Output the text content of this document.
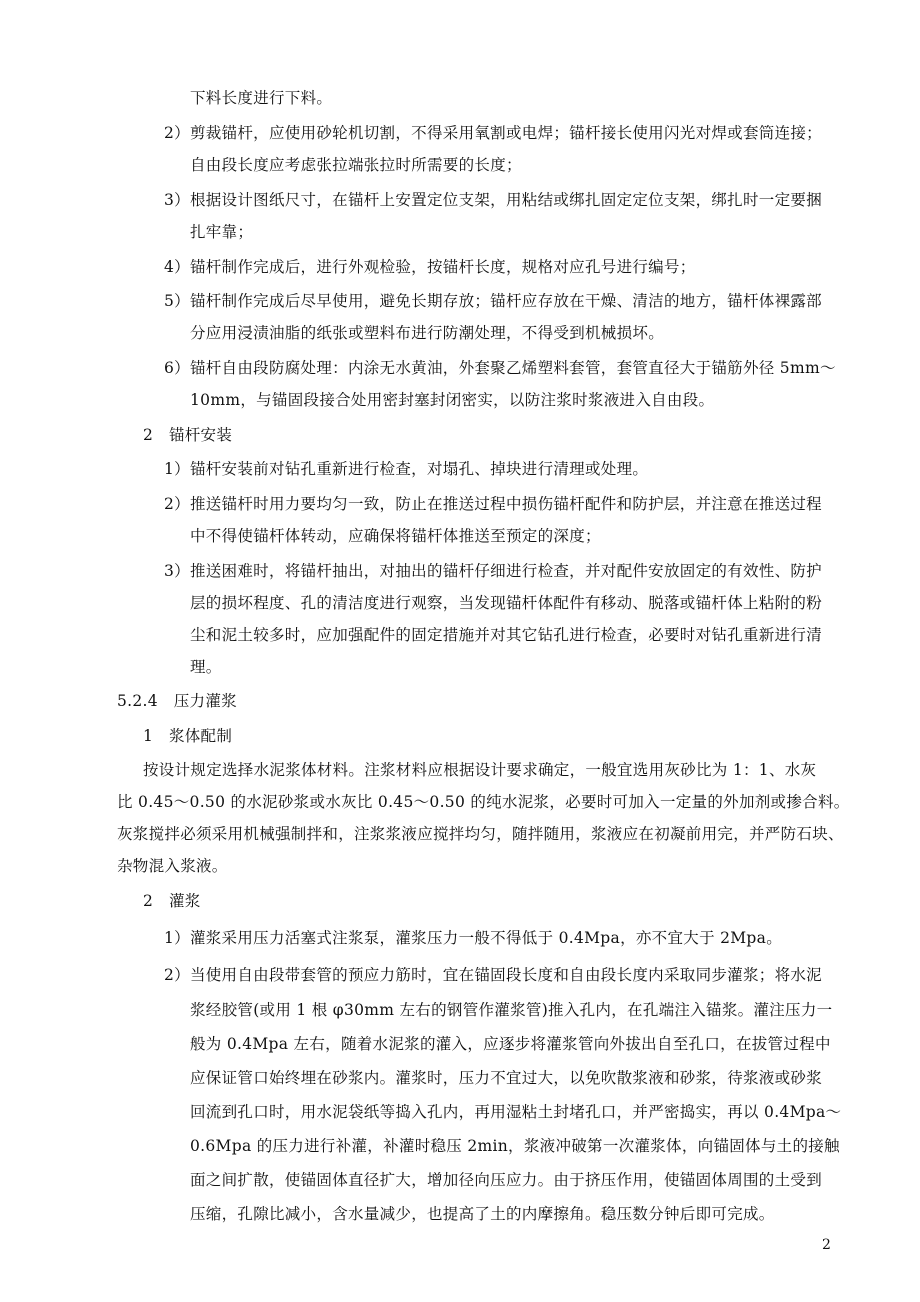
下料长度进行下料。
2）剪裁锚杆，应使用砂轮机切割，不得采用氧割或电焊；锚杆接长使用闪光对焊或套筒连接；
自由段长度应考虑张拉端张拉时所需要的长度；
3）根据设计图纸尺寸，在锚杆上安置定位支架，用粘结或绑扎固定定位支架，绑扎时一定要捆
扎牢靠；
4）锚杆制作完成后，进行外观检验，按锚杆长度，规格对应孔号进行编号；
5）锚杆制作完成后尽早使用，避免长期存放；锚杆应存放在干燥、清洁的地方，锚杆体裸露部
分应用浸渍油脂的纸张或塑料布进行防潮处理，不得受到机械损坏。
6）锚杆自由段防腐处理：内涂无水黄油，外套聚乙烯塑料套管，套管直径大于锚筋外径 5mm～
10mm，与锚固段接合处用密封塞封闭密实，以防注浆时浆液进入自由段。
2　锚杆安装
1）锚杆安装前对钻孔重新进行检查，对塌孔、掉块进行清理或处理。
2）推送锚杆时用力要均匀一致，防止在推送过程中损伤锚杆配件和防护层，并注意在推送过程
中不得使锚杆体转动，应确保将锚杆体推送至预定的深度；
3）推送困难时，将锚杆抽出，对抽出的锚杆仔细进行检查，并对配件安放固定的有效性、防护
层的损坏程度、孔的清洁度进行观察，当发现锚杆体配件有移动、脱落或锚杆体上粘附的粉
尘和泥土较多时，应加强配件的固定措施并对其它钻孔进行检查，必要时对钻孔重新进行清
理。
5.2.4　压力灌浆
1　浆体配制
按设计规定选择水泥浆体材料。注浆材料应根据设计要求确定，一般宜选用灰砂比为 1：1、水灰
比 0.45～0.50 的水泥砂浆或水灰比 0.45～0.50 的纯水泥浆，必要时可加入一定量的外加剂或掺合料。
灰浆搅拌必须采用机械强制拌和，注浆浆液应搅拌均匀，随拌随用，浆液应在初凝前用完，并严防石块、
杂物混入浆液。
2　灌浆
1）灌浆采用压力活塞式注浆泵，灌浆压力一般不得低于 0.4Mpa，亦不宜大于 2Mpa。
2）当使用自由段带套管的预应力筋时，宜在锚固段长度和自由段长度内采取同步灌浆；将水泥
浆经胶管(或用 1 根 φ30mm 左右的钢管作灌浆管)推入孔内，在孔端注入锚浆。灌注压力一
般为 0.4Mpa 左右，随着水泥浆的灌入，应逐步将灌浆管向外拔出自至孔口，在拔管过程中
应保证管口始终埋在砂浆内。灌浆时，压力不宜过大，以免吹散浆液和砂浆，待浆液或砂浆
回流到孔口时，用水泥袋纸等捣入孔内，再用湿粘土封堵孔口，并严密捣实，再以 0.4Mpa～
0.6Mpa 的压力进行补灌，补灌时稳压 2min，浆液冲破第一次灌浆体，向锚固体与土的接触
面之间扩散，使锚固体直径扩大，增加径向压应力。由于挤压作用，使锚固体周围的土受到
压缩，孔隙比减小，含水量减少，也提高了土的内摩擦角。稳压数分钟后即可完成。
2
